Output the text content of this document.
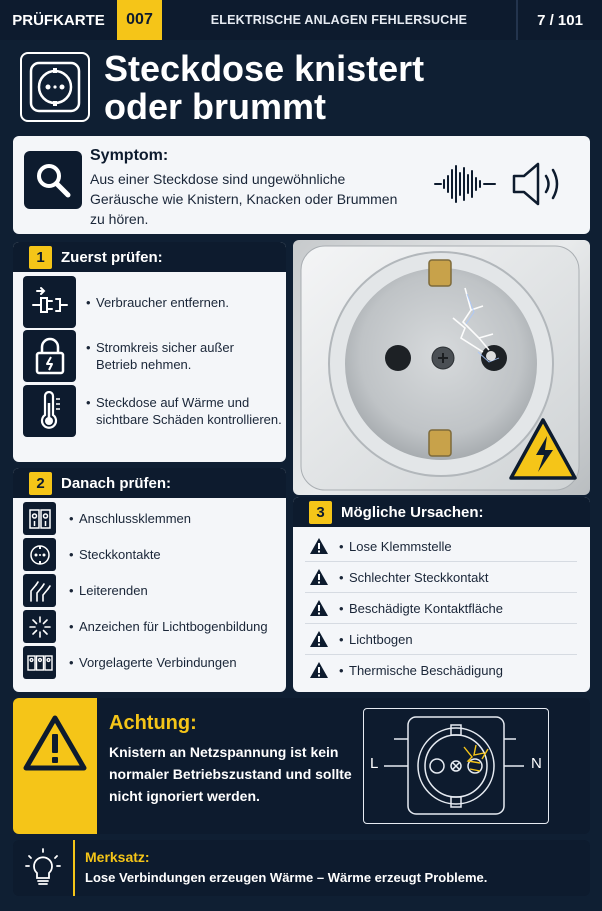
PRÜFKARTE	007	ELEKTRISCHE ANLAGEN FEHLERSUCHE	7 / 101
Steckdose knistert
oder brummt
Symptom:
Aus einer Steckdose sind ungewöhnliche Geräusche wie Knistern, Knacken oder Brummen zu hören.
1	Zuerst prüfen:
• Verbraucher entfernen.
• Stromkreis sicher außer
Betrieb nehmen.
• Steckdose auf Wärme und
sichtbare Schäden kontrollieren.
2	Danach prüfen:
• Anschlussklemmen
• Steckkontakte
• Leiterenden
• Anzeichen für Lichtbogenbildung
• Vorgelagerte Verbindungen
3	Mögliche Ursachen:
• Lose Klemmstelle
• Schlechter Steckkontakt
• Beschädigte Kontaktfläche
• Lichtbogen
• Thermische Beschädigung
Achtung:
Knistern an Netzspannung ist kein normaler Betriebszustand und sollte nicht ignoriert werden.
L	N
Merksatz:
Lose Verbindungen erzeugen Wärme – Wärme erzeugt Probleme.
